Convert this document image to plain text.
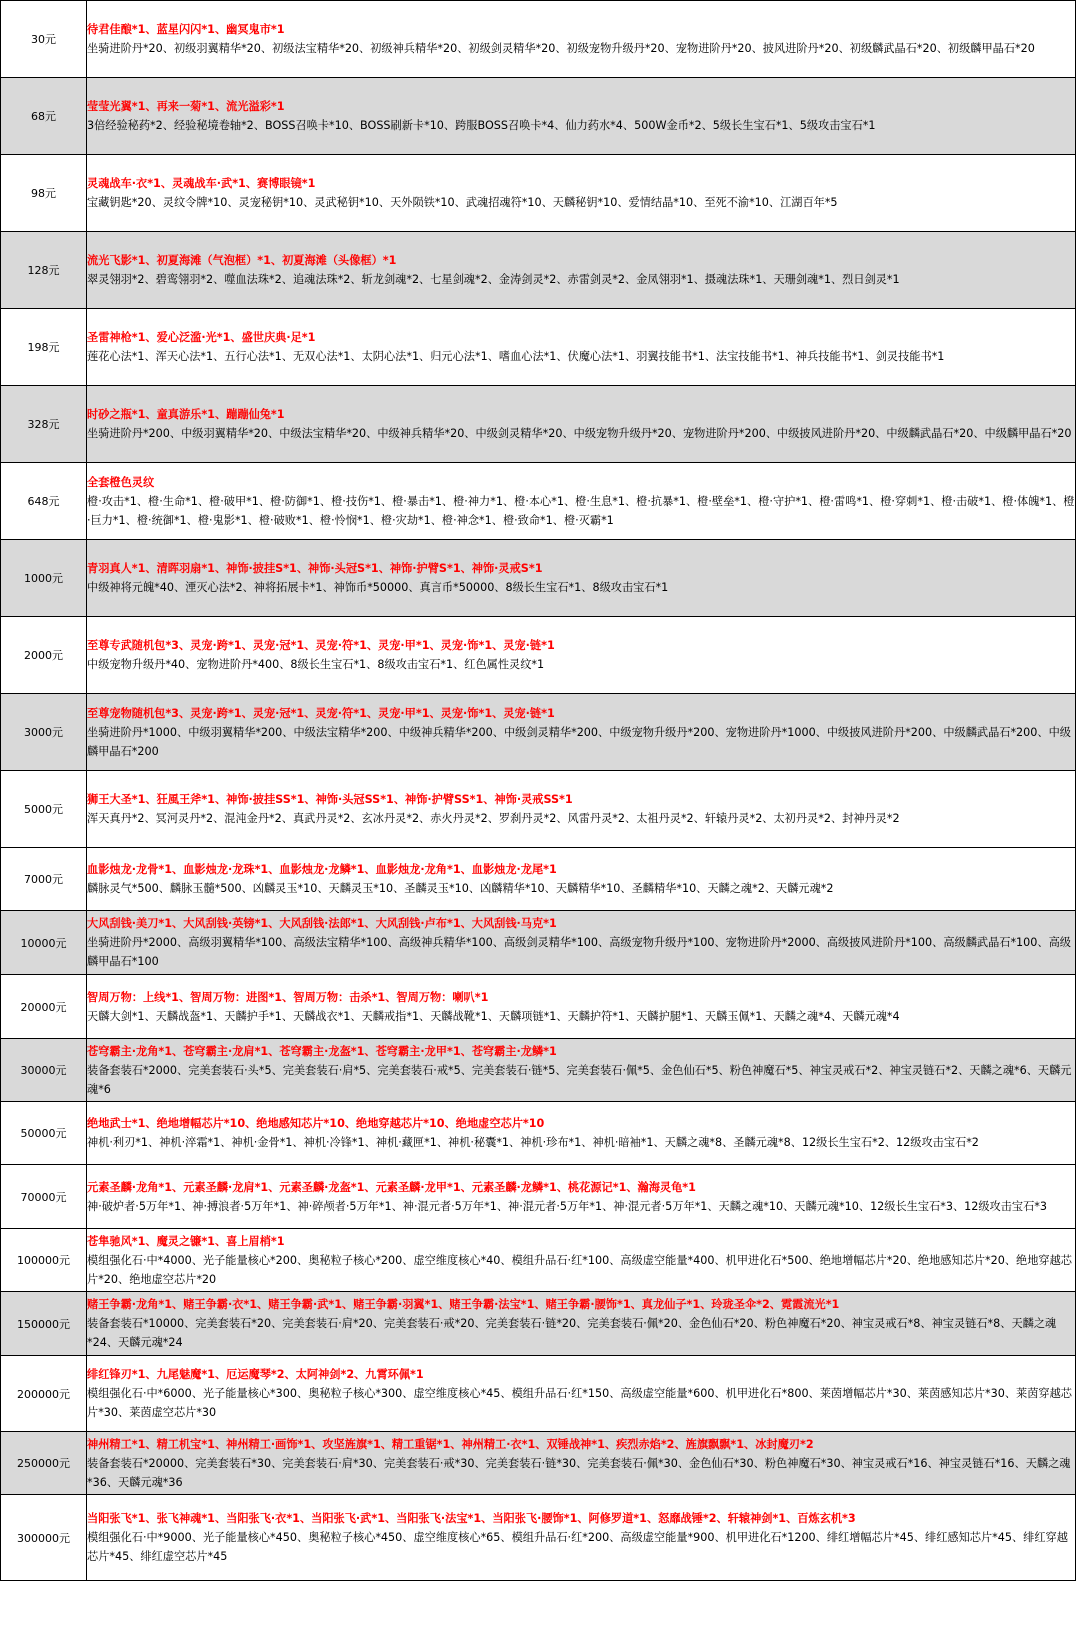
30元	待君佳酿*1、蓝星闪闪*1、幽冥鬼市*1
坐骑进阶丹*20、初级羽翼精华*20、初级法宝精华*20、初级神兵精华*20、初级剑灵精华*20、初级宠物升级丹*20、宠物进阶丹*20、披风进阶丹*20、初级麟武晶石*20、初级麟甲晶石*20

68元	莹莹光翼*1、再来一菊*1、流光溢彩*1
3倍经验秘药*2、经验秘境卷轴*2、BOSS召唤卡*10、BOSS刷新卡*10、跨服BOSS召唤卡*4、仙力药水*4、500W金币*2、5级长生宝石*1、5级攻击宝石*1

98元	灵魂战车·衣*1、灵魂战车·武*1、赛博眼镜*1
宝藏钥匙*20、灵纹令牌*10、灵宠秘钥*10、灵武秘钥*10、天外陨铁*10、武魂招魂符*10、天麟秘钥*10、爱情结晶*10、至死不渝*10、江湖百年*5

128元	流光飞影*1、初夏海滩（气泡框）*1、初夏海滩（头像框）*1
翠灵翎羽*2、碧鸾翎羽*2、噬血法珠*2、追魂法珠*2、斩龙剑魂*2、七星剑魂*2、金涛剑灵*2、赤雷剑灵*2、金凤翎羽*1、摄魂法珠*1、天珊剑魂*1、烈日剑灵*1

198元	圣雷神枪*1、爱心泛滥·光*1、盛世庆典·足*1
莲花心法*1、浑天心法*1、五行心法*1、无双心法*1、太阴心法*1、归元心法*1、嗜血心法*1、伏魔心法*1、羽翼技能书*1、法宝技能书*1、神兵技能书*1、剑灵技能书*1

328元	时砂之瓶*1、童真游乐*1、蹦蹦仙兔*1
坐骑进阶丹*200、中级羽翼精华*20、中级法宝精华*20、中级神兵精华*20、中级剑灵精华*20、中级宠物升级丹*20、宠物进阶丹*200、中级披风进阶丹*20、中级麟武晶石*20、中级麟甲晶石*20

648元	全套橙色灵纹
橙·攻击*1、橙·生命*1、橙·破甲*1、橙·防御*1、橙·技伤*1、橙·暴击*1、橙·神力*1、橙·本心*1、橙·生息*1、橙·抗暴*1、橙·壁垒*1、橙·守护*1、橙·雷鸣*1、橙·穿刺*1、橙·击破*1、橙·体魄*1、橙·巨力*1、橙·统御*1、橙·鬼影*1、橙·破败*1、橙·怜悯*1、橙·灾劫*1、橙·神念*1、橙·致命*1、橙·灭霸*1

1000元	青羽真人*1、清晖羽扇*1、神饰·披挂S*1、神饰·头冠S*1、神饰·护臂S*1、神饰·灵戒S*1
中级神将元魄*40、湮灭心法*2、神将拓展卡*1、神饰币*50000、真言币*50000、8级长生宝石*1、8级攻击宝石*1

2000元	至尊专武随机包*3、灵宠·跨*1、灵宠·冠*1、灵宠·符*1、灵宠·甲*1、灵宠·饰*1、灵宠·链*1
中级宠物升级丹*40、宠物进阶丹*400、8级长生宝石*1、8级攻击宝石*1、红色属性灵纹*1

3000元	至尊宠物随机包*3、灵宠·跨*1、灵宠·冠*1、灵宠·符*1、灵宠·甲*1、灵宠·饰*1、灵宠·链*1
坐骑进阶丹*1000、中级羽翼精华*200、中级法宝精华*200、中级神兵精华*200、中级剑灵精华*200、中级宠物升级丹*200、宠物进阶丹*1000、中级披风进阶丹*200、中级麟武晶石*200、中级麟甲晶石*200

5000元	狮王大圣*1、狂風王斧*1、神饰·披挂SS*1、神饰·头冠SS*1、神饰·护臂SS*1、神饰·灵戒SS*1
浑天真丹*2、冥河灵丹*2、混沌金丹*2、真武丹灵*2、玄冰丹灵*2、赤火丹灵*2、罗刹丹灵*2、风雷丹灵*2、太祖丹灵*2、轩辕丹灵*2、太初丹灵*2、封神丹灵*2

7000元	血影烛龙·龙骨*1、血影烛龙·龙珠*1、血影烛龙·龙鳞*1、血影烛龙·龙角*1、血影烛龙·龙尾*1
麟脉灵气*500、麟脉玉髓*500、凶麟灵玉*10、天麟灵玉*10、圣麟灵玉*10、凶麟精华*10、天麟精华*10、圣麟精华*10、天麟之魂*2、天麟元魂*2

10000元	大风刮钱·美刀*1、大风刮钱·英镑*1、大风刮钱·法郎*1、大风刮钱·卢布*1、大风刮钱·马克*1
坐骑进阶丹*2000、高级羽翼精华*100、高级法宝精华*100、高级神兵精华*100、高级剑灵精华*100、高级宠物升级丹*100、宠物进阶丹*2000、高级披风进阶丹*100、高级麟武晶石*100、高级麟甲晶石*100

20000元	智周万物：上线*1、智周万物：进图*1、智周万物：击杀*1、智周万物：喇叭*1
天麟大剑*1、天麟战盔*1、天麟护手*1、天麟战衣*1、天麟戒指*1、天麟战靴*1、天麟项链*1、天麟护符*1、天麟护腿*1、天麟玉佩*1、天麟之魂*4、天麟元魂*4

30000元	苍穹霸主·龙角*1、苍穹霸主·龙肩*1、苍穹霸主·龙盔*1、苍穹霸主·龙甲*1、苍穹霸主·龙鳞*1
装备套装石*2000、完美套装石·头*5、完美套装石·肩*5、完美套装石·戒*5、完美套装石·链*5、完美套装石·佩*5、金色仙石*5、粉色神魔石*5、神宝灵戒石*2、神宝灵链石*2、天麟之魂*6、天麟元魂*6

50000元	绝地武士*1、绝地增幅芯片*10、绝地感知芯片*10、绝地穿越芯片*10、绝地虚空芯片*10
神机·利刃*1、神机·淬霜*1、神机·金骨*1、神机·冷锋*1、神机·藏匣*1、神机·秘囊*1、神机·珍布*1、神机·暗袖*1、天麟之魂*8、圣麟元魂*8、12级长生宝石*2、12级攻击宝石*2

70000元	元素圣麟·龙角*1、元素圣麟·龙肩*1、元素圣麟·龙盔*1、元素圣麟·龙甲*1、元素圣麟·龙鳞*1、桃花源记*1、瀚海灵龟*1
神·破炉者·5万年*1、神·搏浪者·5万年*1、神·碎颅者·5万年*1、神·混元者·5万年*1、神·混元者·5万年*1、神·混元者·5万年*1、天麟之魂*10、天麟元魂*10、12级长生宝石*3、12级攻击宝石*3

100000元	苍隼驰风*1、魔灵之镰*1、喜上眉梢*1
模组强化石·中*4000、光子能量核心*200、奥秘粒子核心*200、虚空维度核心*40、模组升品石·红*100、高级虚空能量*400、机甲进化石*500、绝地增幅芯片*20、绝地感知芯片*20、绝地穿越芯片*20、绝地虚空芯片*20

150000元	赌王争霸·龙角*1、赌王争霸·衣*1、赌王争霸·武*1、赌王争霸·羽翼*1、赌王争霸·法宝*1、赌王争霸·腰饰*1、真龙仙子*1、玲珑圣伞*2、霓霞流光*1
装备套装石*10000、完美套装石*20、完美套装石·肩*20、完美套装石·戒*20、完美套装石·链*20、完美套装石·佩*20、金色仙石*20、粉色神魔石*20、神宝灵戒石*8、神宝灵链石*8、天麟之魂*24、天麟元魂*24

200000元	绯红锋刃*1、九尾魅魔*1、厄运魔琴*2、太阿神剑*2、九霄环佩*1
模组强化石·中*6000、光子能量核心*300、奥秘粒子核心*300、虚空维度核心*45、模组升品石·红*150、高级虚空能量*600、机甲进化石*800、莱茵增幅芯片*30、莱茵感知芯片*30、莱茵穿越芯片*30、莱茵虚空芯片*30

250000元	神州精工*1、精工机宝*1、神州精工·画饰*1、攻坚旌旗*1、精工重锯*1、神州精工·衣*1、双锤战神*1、疾烈赤焰*2、旌旗飘飘*1、冰封魔刃*2
装备套装石*20000、完美套装石*30、完美套装石·肩*30、完美套装石·戒*30、完美套装石·链*30、完美套装石·佩*30、金色仙石*30、粉色神魔石*30、神宝灵戒石*16、神宝灵链石*16、天麟之魂*36、天麟元魂*36

300000元	当阳张飞*1、张飞神魂*1、当阳张飞·衣*1、当阳张飞·武*1、当阳张飞·法宝*1、当阳张飞·腰饰*1、阿修罗道*1、怒靡战锤*2、轩辕神剑*1、百炼玄机*3
模组强化石·中*9000、光子能量核心*450、奥秘粒子核心*450、虚空维度核心*65、模组升品石·红*200、高级虚空能量*900、机甲进化石*1200、绯红增幅芯片*45、绯红感知芯片*45、绯红穿越芯片*45、绯红虚空芯片*45
